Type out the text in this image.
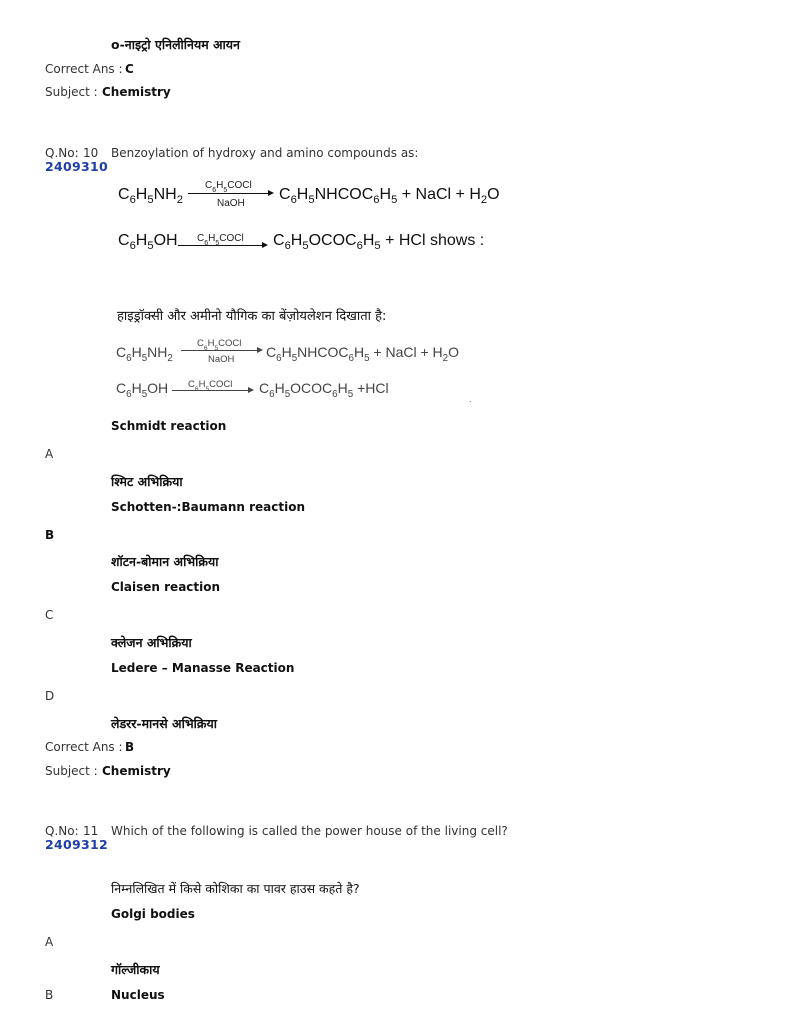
o-नाइट्रो एनिलीनियम आयन
Correct Ans : C
Subject : Chemistry
Q.No: 10 Benzoylation of hydroxy and amino compounds as:
2409310
$C_6H_5NH_2$
$C_6H_5COCl$
NaOH
$C_6H_5NHCOC_6H_5$ + NaCl + $H_2O$
$C_6H_5OH$ $C_6H_5COCl$ $C_6H_5OCOC_6H_5$ + HCl shows :
हाइड्रॉक्सी और अमीनो यौगिक का बेंज़ोयलेशन दिखाता है:
$C_6H_5NH_2$
$C_6H_5COCl$
NaOH $C_6H_5NHCOC_6H_5$ + NaCl + $H_2O$
$C_6H_5OH$ $C_6H_5COCl$ $C_6H_5OCOC_6H_5 +HCl$
.
Schmidt reaction
A
श्मिट अभिक्रिया
Schotten-:Baumann reaction
B
शॉटन-बोमान अभिक्रिया
Claisen reaction
C
क्लेजन अभिक्रिया
Ledere – Manasse Reaction
D
लेडरर-मानसे अभिक्रिया
Correct Ans : B
Subject : Chemistry
Q.No: 11 Which of the following is called the power house of the living cell?
2409312
निम्नलिखित में किसे कोशिका का पावर हाउस कहते है?
Golgi bodies
A
गॉल्जीकाय
B	Nucleus
